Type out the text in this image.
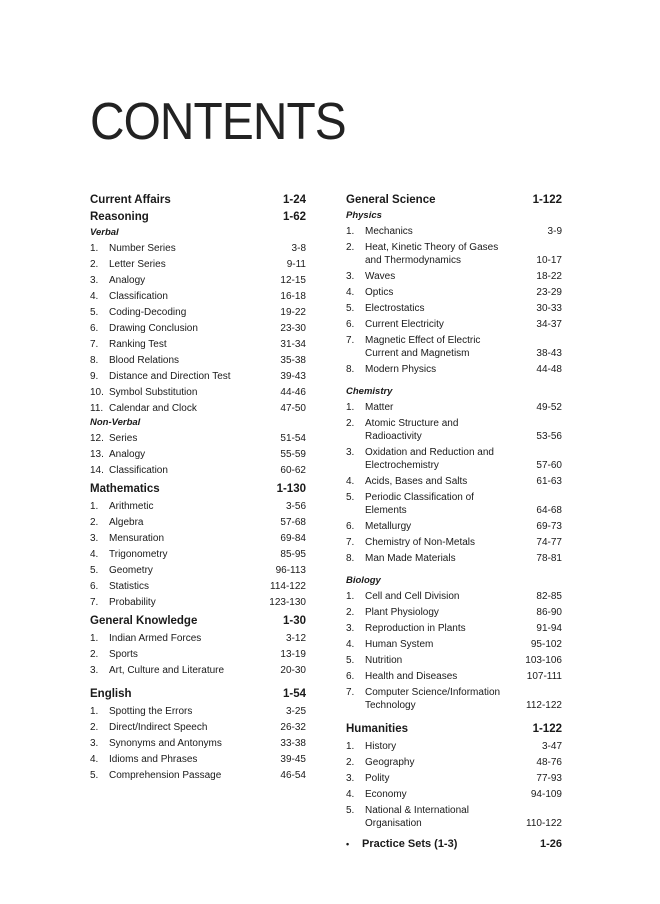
CONTENTS
Current Affairs	1-24
Reasoning	1-62
Verbal
1. Number Series	3-8
2. Letter Series	9-11
3. Analogy	12-15
4. Classification	16-18
5. Coding-Decoding	19-22
6. Drawing Conclusion	23-30
7. Ranking Test	31-34
8. Blood Relations	35-38
9. Distance and Direction Test	39-43
10. Symbol Substitution	44-46
11. Calendar and Clock	47-50
Non-Verbal
12. Series	51-54
13. Analogy	55-59
14. Classification	60-62
Mathematics	1-130
1. Arithmetic	3-56
2. Algebra	57-68
3. Mensuration	69-84
4. Trigonometry	85-95
5. Geometry	96-113
6. Statistics	114-122
7. Probability	123-130
General Knowledge	1-30
1. Indian Armed Forces	3-12
2. Sports	13-19
3. Art, Culture and Literature	20-30
English	1-54
1. Spotting the Errors	3-25
2. Direct/Indirect Speech	26-32
3. Synonyms and Antonyms	33-38
4. Idioms and Phrases	39-45
5. Comprehension Passage	46-54
General Science	1-122
Physics
1. Mechanics	3-9
2. Heat, Kinetic Theory of Gases and Thermodynamics	10-17
3. Waves	18-22
4. Optics	23-29
5. Electrostatics	30-33
6. Current Electricity	34-37
7. Magnetic Effect of Electric Current and Magnetism	38-43
8. Modern Physics	44-48
Chemistry
1. Matter	49-52
2. Atomic Structure and Radioactivity	53-56
3. Oxidation and Reduction and Electrochemistry	57-60
4. Acids, Bases and Salts	61-63
5. Periodic Classification of Elements	64-68
6. Metallurgy	69-73
7. Chemistry of Non-Metals	74-77
8. Man Made Materials	78-81
Biology
1. Cell and Cell Division	82-85
2. Plant Physiology	86-90
3. Reproduction in Plants	91-94
4. Human System	95-102
5. Nutrition	103-106
6. Health and Diseases	107-111
7. Computer Science/Information Technology	112-122
Humanities	1-122
1. History	3-47
2. Geography	48-76
3. Polity	77-93
4. Economy	94-109
5. National & International Organisation	110-122
• Practice Sets (1-3)	1-26
